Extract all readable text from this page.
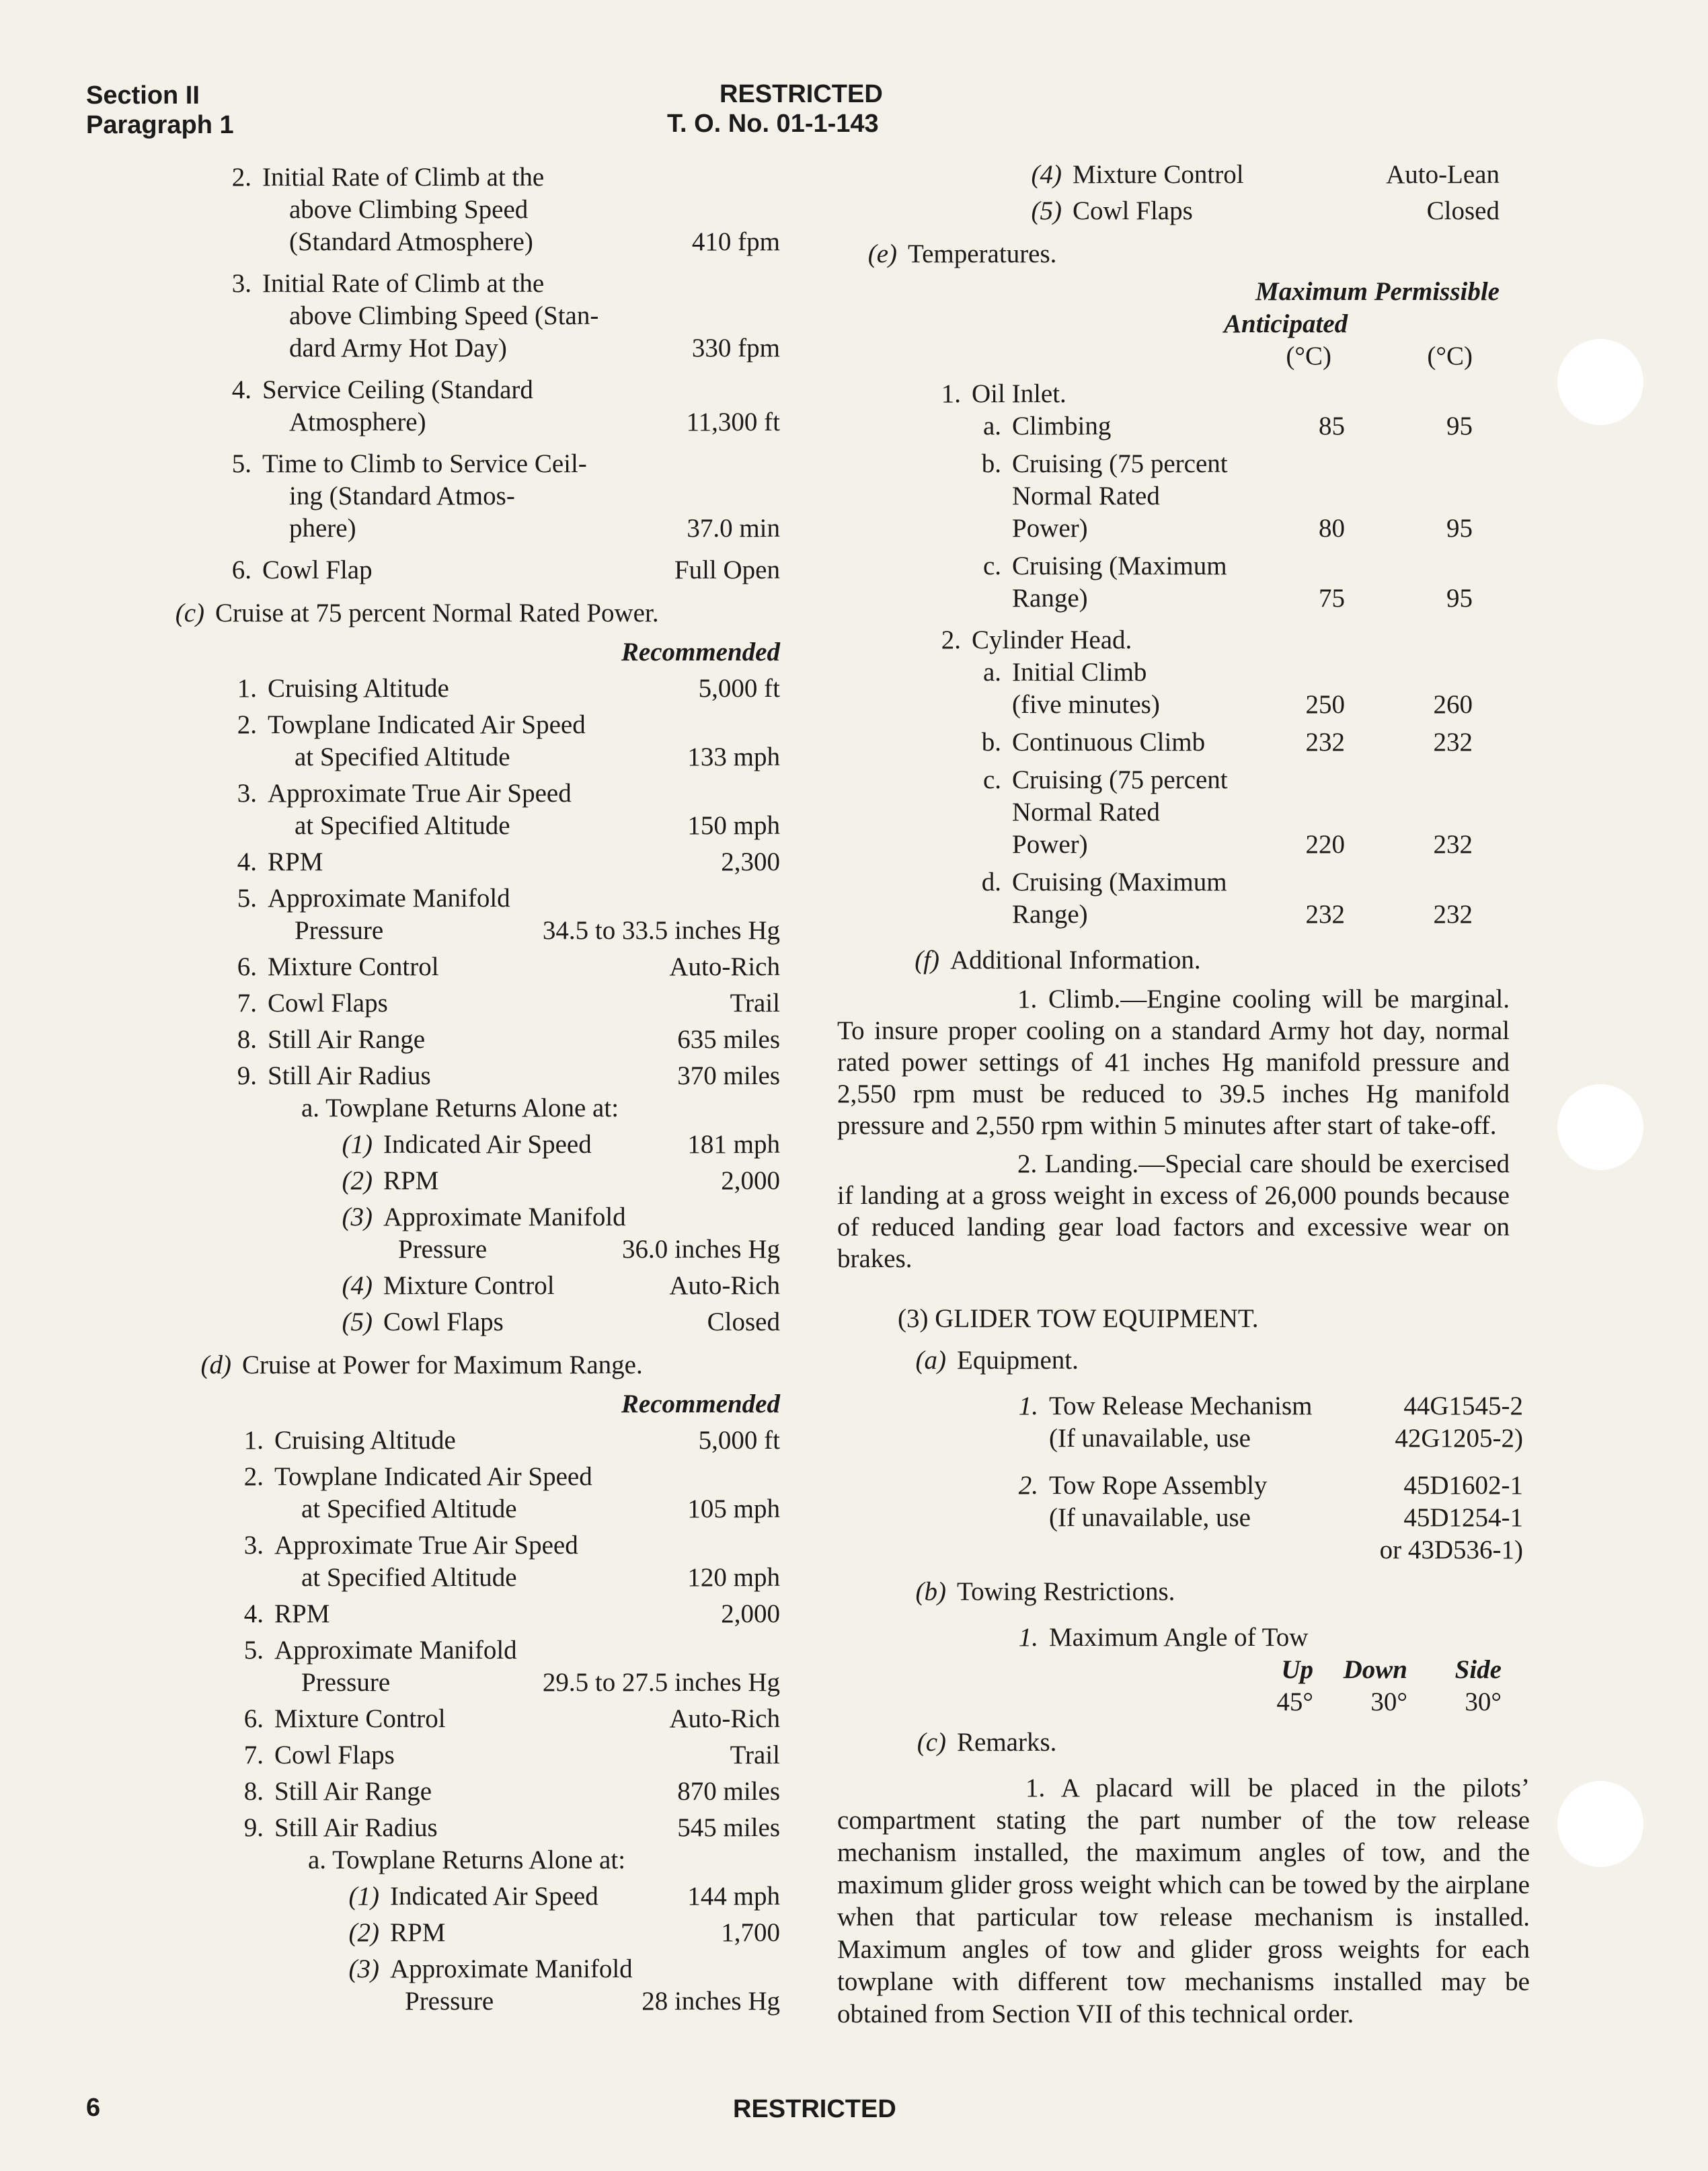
Section II
Paragraph 1
RESTRICTED
T. O. No. 01-1-143
2. Initial Rate of Climb at the
above Climbing Speed
(Standard Atmosphere)	410 fpm
3. Initial Rate of Climb at the
above Climbing Speed (Stan-
dard Army Hot Day)	330 fpm
4. Service Ceiling (Standard
Atmosphere)	11,300 ft
5. Time to Climb to Service Ceil-
ing (Standard Atmos-
phere)	37.0 min
6. Cowl Flap	Full Open
(c) Cruise at 75 percent Normal Rated Power.
Recommended
1. Cruising Altitude	5,000 ft
2. Towplane Indicated Air Speed
at Specified Altitude	133 mph
3. Approximate True Air Speed
at Specified Altitude	150 mph
4. RPM	2,300
5. Approximate Manifold
Pressure	34.5 to 33.5 inches Hg
6. Mixture Control	Auto-Rich
7. Cowl Flaps	Trail
8. Still Air Range	635 miles
9. Still Air Radius	370 miles
a. Towplane Returns Alone at:
(1) Indicated Air Speed	181 mph
(2) RPM	2,000
(3) Approximate Manifold
Pressure	36.0 inches Hg
(4) Mixture Control	Auto-Rich
(5) Cowl Flaps	Closed
(d) Cruise at Power for Maximum Range.
Recommended
1. Cruising Altitude	5,000 ft
2. Towplane Indicated Air Speed
at Specified Altitude	105 mph
3. Approximate True Air Speed
at Specified Altitude	120 mph
4. RPM	2,000
5. Approximate Manifold
Pressure	29.5 to 27.5 inches Hg
6. Mixture Control	Auto-Rich
7. Cowl Flaps	Trail
8. Still Air Range	870 miles
9. Still Air Radius	545 miles
a. Towplane Returns Alone at:
(1) Indicated Air Speed	144 mph
(2) RPM	1,700
(3) Approximate Manifold
Pressure	28 inches Hg
(4) Mixture Control	Auto-Lean
(5) Cowl Flaps	Closed
(e) Temperatures.
Maximum Permissible
Anticipated
(°C)	(°C)
1. Oil Inlet.
a. Climbing	85	95
b. Cruising (75 percent
Normal Rated
Power)	80	95
c. Cruising (Maximum
Range)	75	95
2. Cylinder Head.
a. Initial Climb
(five minutes)	250	260
b. Continuous Climb	232	232
c. Cruising (75 percent
Normal Rated
Power)	220	232
d. Cruising (Maximum
Range)	232	232
(f) Additional Information.
1. Climb.—Engine cooling will be marginal. To insure proper cooling on a standard Army hot day, normal rated power settings of 41 inches Hg manifold pressure and 2,550 rpm must be reduced to 39.5 inches Hg manifold pressure and 2,550 rpm within 5 minutes after start of take-off.
2. Landing.—Special care should be exercised if landing at a gross weight in excess of 26,000 pounds because of reduced landing gear load factors and excessive wear on brakes.
(3) GLIDER TOW EQUIPMENT.
(a) Equipment.
1. Tow Release Mechanism	44G1545-2
(If unavailable, use	42G1205-2)
2. Tow Rope Assembly	45D1602-1
(If unavailable, use	45D1254-1
or 43D536-1)
(b) Towing Restrictions.
1. Maximum Angle of Tow
Up	Down	Side
45°	30°	30°
(c) Remarks.
1. A placard will be placed in the pilots’ compartment stating the part number of the tow release mechanism installed, the maximum angles of tow, and the maximum glider gross weight which can be towed by the airplane when that particular tow release mechanism is installed. Maximum angles of tow and glider gross weights for each towplane with different tow mechanisms installed may be obtained from Section VII of this technical order.
6	RESTRICTED
